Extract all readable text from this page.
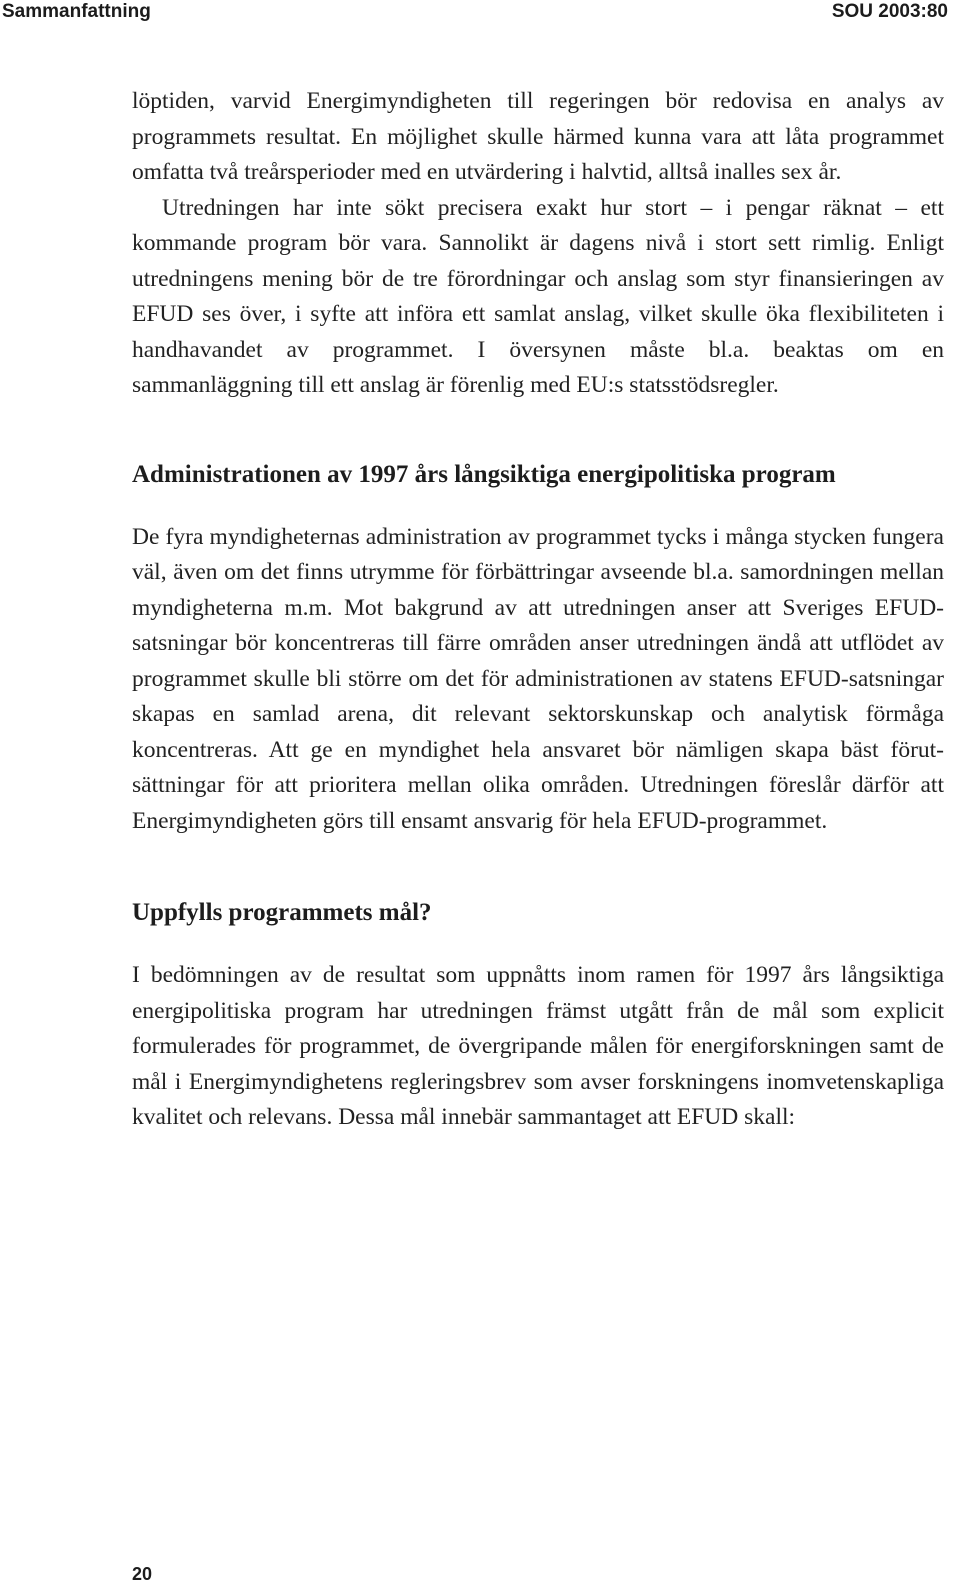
Sammanfattning	SOU 2003:80

löptiden, varvid Energimyndigheten till regeringen bör redovisa en analys av programmets resultat. En möjlighet skulle härmed kunna vara att låta programmet omfatta två treårsperioder med en utvärdering i halvtid, alltså inalles sex år.

Utredningen har inte sökt precisera exakt hur stort – i pengar räknat – ett kommande program bör vara. Sannolikt är dagens nivå i stort sett rimlig. Enligt utredningens mening bör de tre förordningar och anslag som styr finansieringen av EFUD ses över, i syfte att införa ett samlat anslag, vilket skulle öka flexibiliteten i handhavandet av programmet. I översynen måste bl.a. beaktas om en sammanläggning till ett anslag är förenlig med EU:s statsstödsregler.

Administrationen av 1997 års långsiktiga energipolitiska program

De fyra myndigheternas administration av programmet tycks i många stycken fungera väl, även om det finns utrymme för förbättringar avseende bl.a. samordningen mellan myndigheterna m.m. Mot bakgrund av att utredningen anser att Sveriges EFUD-satsningar bör koncentreras till färre områden anser utredningen ändå att utflödet av programmet skulle bli större om det för administrationen av statens EFUD-satsningar skapas en samlad arena, dit relevant sektorskunskap och analytisk förmåga koncentreras. Att ge en myndighet hela ansvaret bör nämligen skapa bäst förutsättningar för att prioritera mellan olika områden. Utredningen föreslår därför att Energimyndigheten görs till ensamt ansvarig för hela EFUD-programmet.

Uppfylls programmets mål?

I bedömningen av de resultat som uppnåtts inom ramen för 1997 års långsiktiga energipolitiska program har utredningen främst utgått från de mål som explicit formulerades för programmet, de övergripande målen för energiforskningen samt de mål i Energimyndighetens regleringsbrev som avser forskningens inomvetenskapliga kvalitet och relevans. Dessa mål innebär sammantaget att EFUD skall:

20
